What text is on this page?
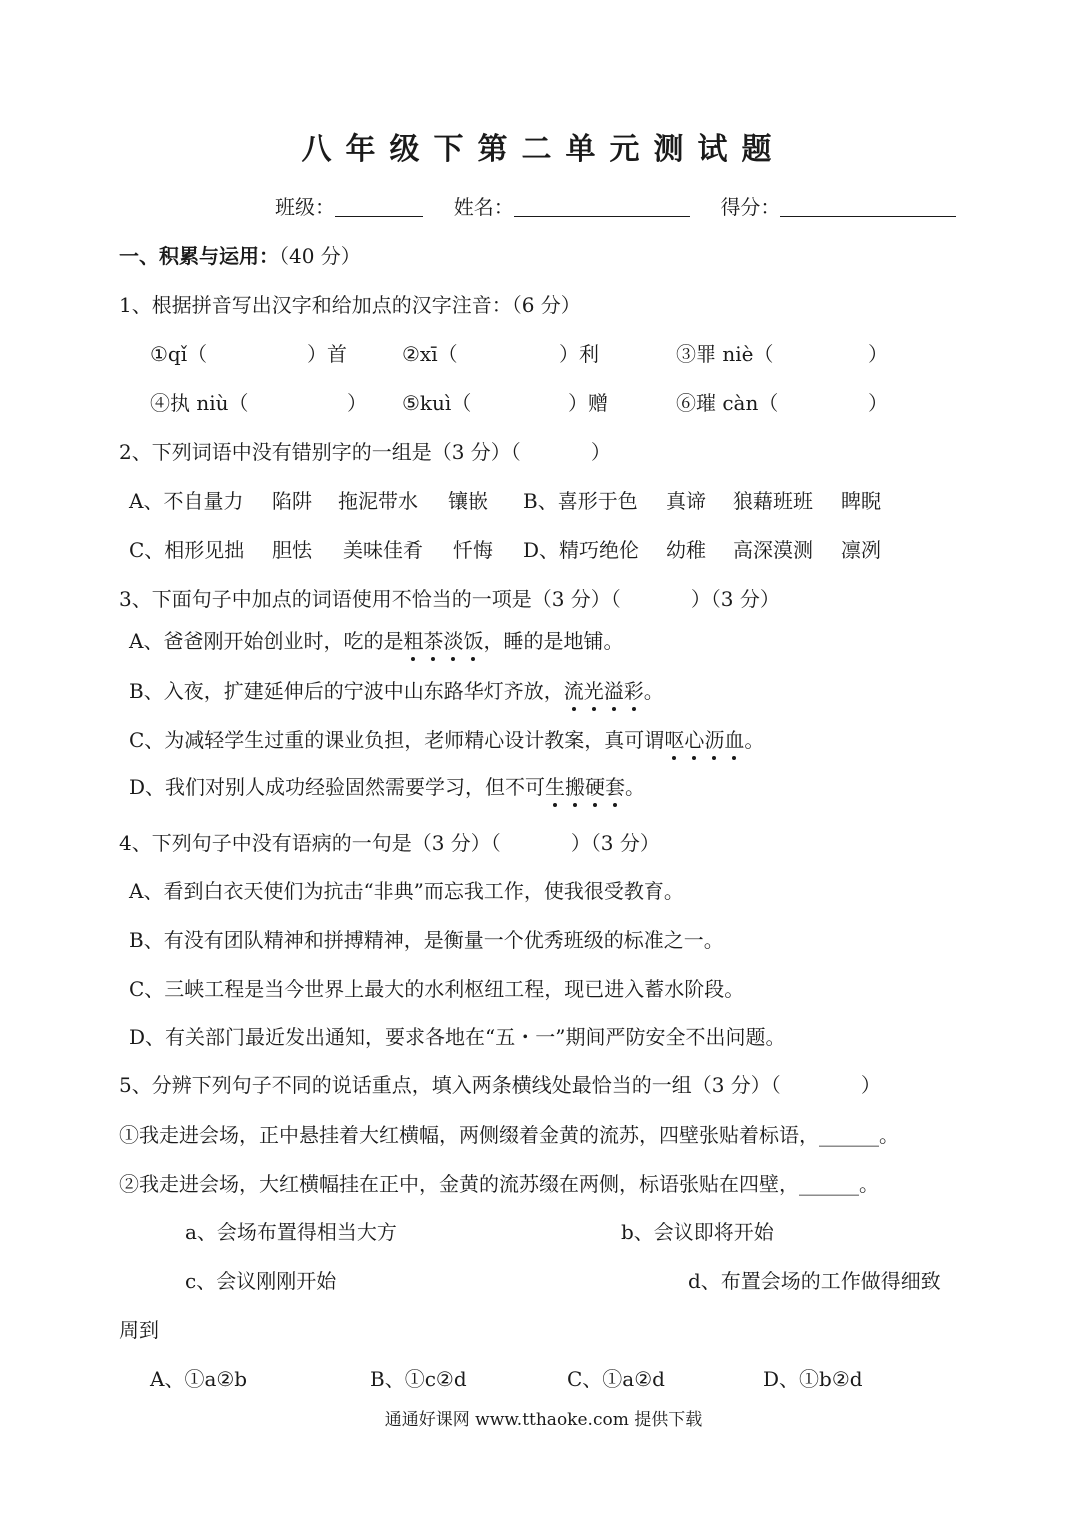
八年级下第二单元测试题
班级：	姓名：	得分：
一、积累与运用：（40 分）
1、根据拼音写出汉字和给加点的汉字注音：（6 分）
①qǐ（	）首	②xī（	）利	③罪 niè（	）
④执 niù（	） ⑤kuì（	）赠	⑥璀 càn（	）
2、下列词语中没有错别字的一组是（3 分）（	）
A、不自量力 陷阱 拖泥带水 镶嵌 B、喜形于色 真谛 狼藉班班 睥睨
C、相形见拙 胆怯 美味佳肴 忏悔 D、精巧绝伦 幼稚 高深漠测 凛冽
3、下面句子中加点的词语使用不恰当的一项是（3 分）（	）（3 分）
A、爸爸刚开始创业时，吃的是粗茶淡饭，睡的是地铺。
B、入夜，扩建延伸后的宁波中山东路华灯齐放，流光溢彩。
C、为减轻学生过重的课业负担，老师精心设计教案，真可谓呕心沥血。
D、我们对别人成功经验固然需要学习，但不可生搬硬套。
4、下列句子中没有语病的一句是（3 分）（	）（3 分）
A、看到白衣天使们为抗击“非典”而忘我工作，使我很受教育。
B、有没有团队精神和拼搏精神，是衡量一个优秀班级的标准之一。
C、三峡工程是当今世界上最大的水利枢纽工程，现已进入蓄水阶段。
D、有关部门最近发出通知，要求各地在“五・一”期间严防安全不出问题。
5、分辨下列句子不同的说话重点，填入两条横线处最恰当的一组（3 分）（	）
①我走进会场，正中悬挂着大红横幅，两侧缀着金黄的流苏，四壁张贴着标语，______。
②我走进会场，大红横幅挂在正中，金黄的流苏缀在两侧，标语张贴在四壁，______。
a、会场布置得相当大方	b、会议即将开始
c、会议刚刚开始	d、布置会场的工作做得细致
周到
A、①a②b	B、①c②d	C、①a②d	D、①b②d
通通好课网 www.tthaoke.com 提供下载
